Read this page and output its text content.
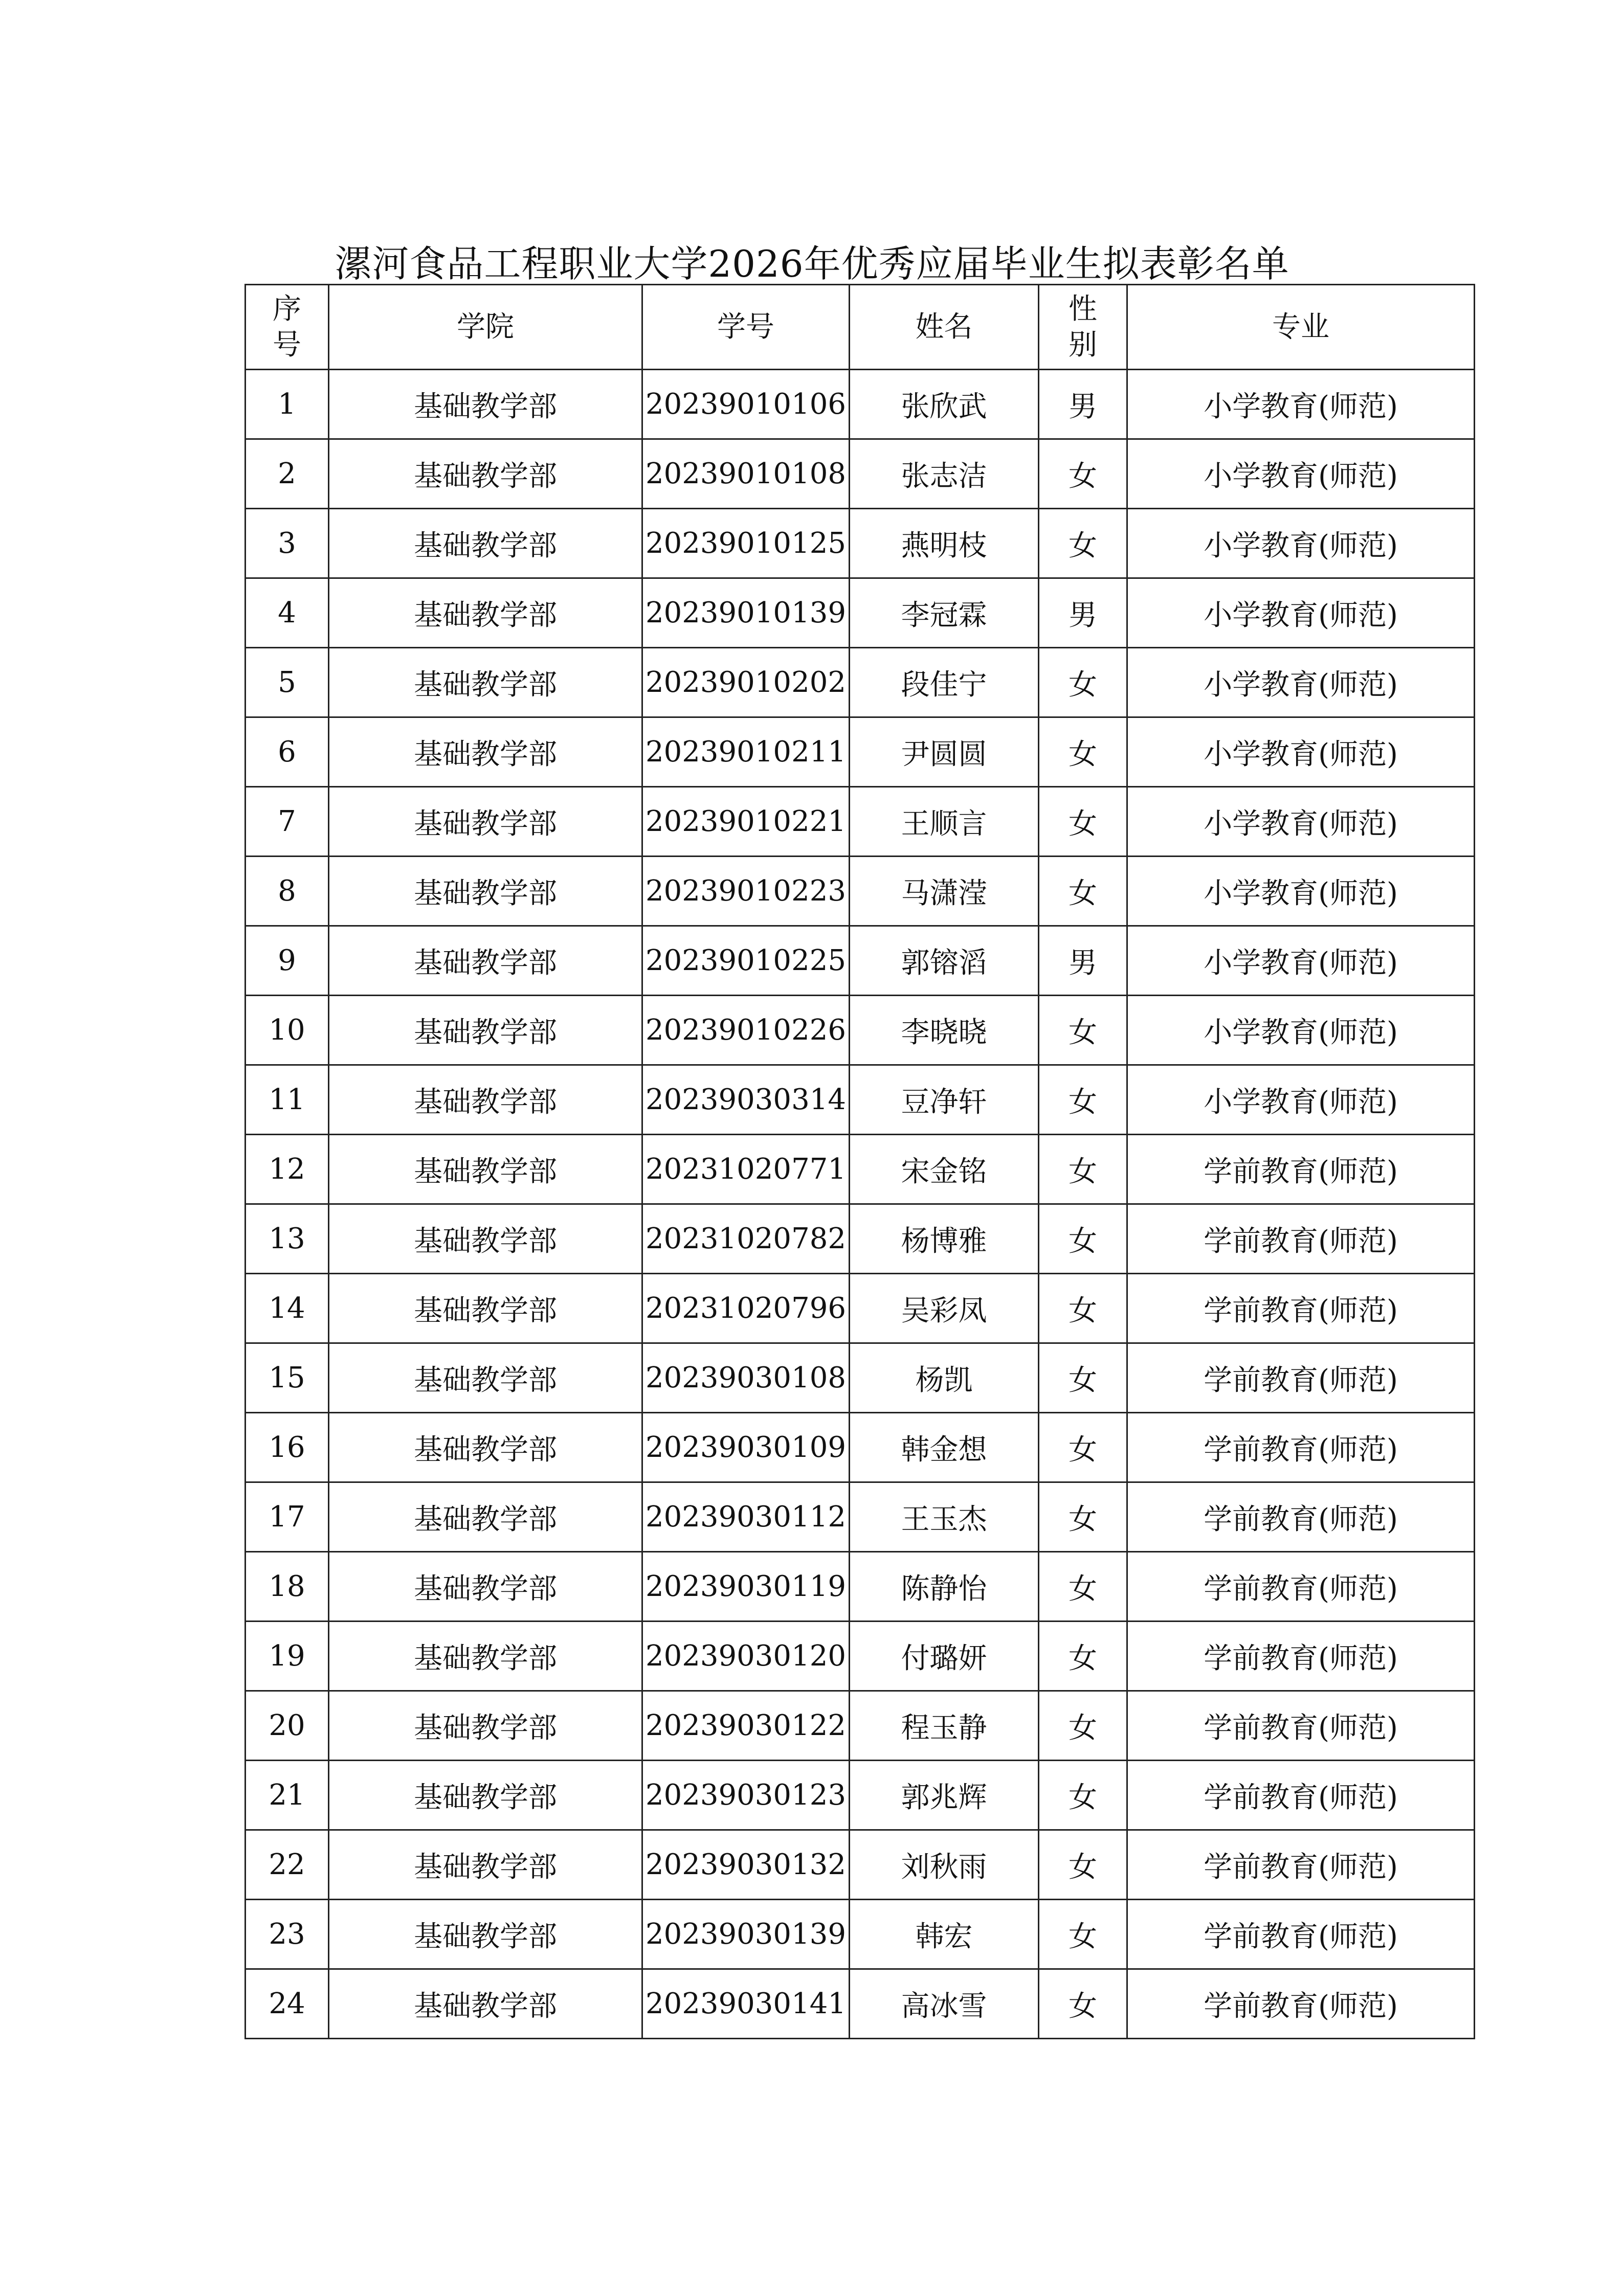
漯河食品工程职业大学2026年优秀应届毕业生拟表彰名单
序号	学院	学号	姓名	性别	专业
1	基础教学部	20239010106	张欣武	男	小学教育(师范)
2	基础教学部	20239010108	张志洁	女	小学教育(师范)
3	基础教学部	20239010125	燕明枝	女	小学教育(师范)
4	基础教学部	20239010139	李冠霖	男	小学教育(师范)
5	基础教学部	20239010202	段佳宁	女	小学教育(师范)
6	基础教学部	20239010211	尹圆圆	女	小学教育(师范)
7	基础教学部	20239010221	王顺言	女	小学教育(师范)
8	基础教学部	20239010223	马潇滢	女	小学教育(师范)
9	基础教学部	20239010225	郭镕滔	男	小学教育(师范)
10	基础教学部	20239010226	李晓晓	女	小学教育(师范)
11	基础教学部	20239030314	豆净轩	女	小学教育(师范)
12	基础教学部	20231020771	宋金铭	女	学前教育(师范)
13	基础教学部	20231020782	杨博雅	女	学前教育(师范)
14	基础教学部	20231020796	吴彩凤	女	学前教育(师范)
15	基础教学部	20239030108	杨凯	女	学前教育(师范)
16	基础教学部	20239030109	韩金想	女	学前教育(师范)
17	基础教学部	20239030112	王玉杰	女	学前教育(师范)
18	基础教学部	20239030119	陈静怡	女	学前教育(师范)
19	基础教学部	20239030120	付璐妍	女	学前教育(师范)
20	基础教学部	20239030122	程玉静	女	学前教育(师范)
21	基础教学部	20239030123	郭兆辉	女	学前教育(师范)
22	基础教学部	20239030132	刘秋雨	女	学前教育(师范)
23	基础教学部	20239030139	韩宏	女	学前教育(师范)
24	基础教学部	20239030141	高冰雪	女	学前教育(师范)
